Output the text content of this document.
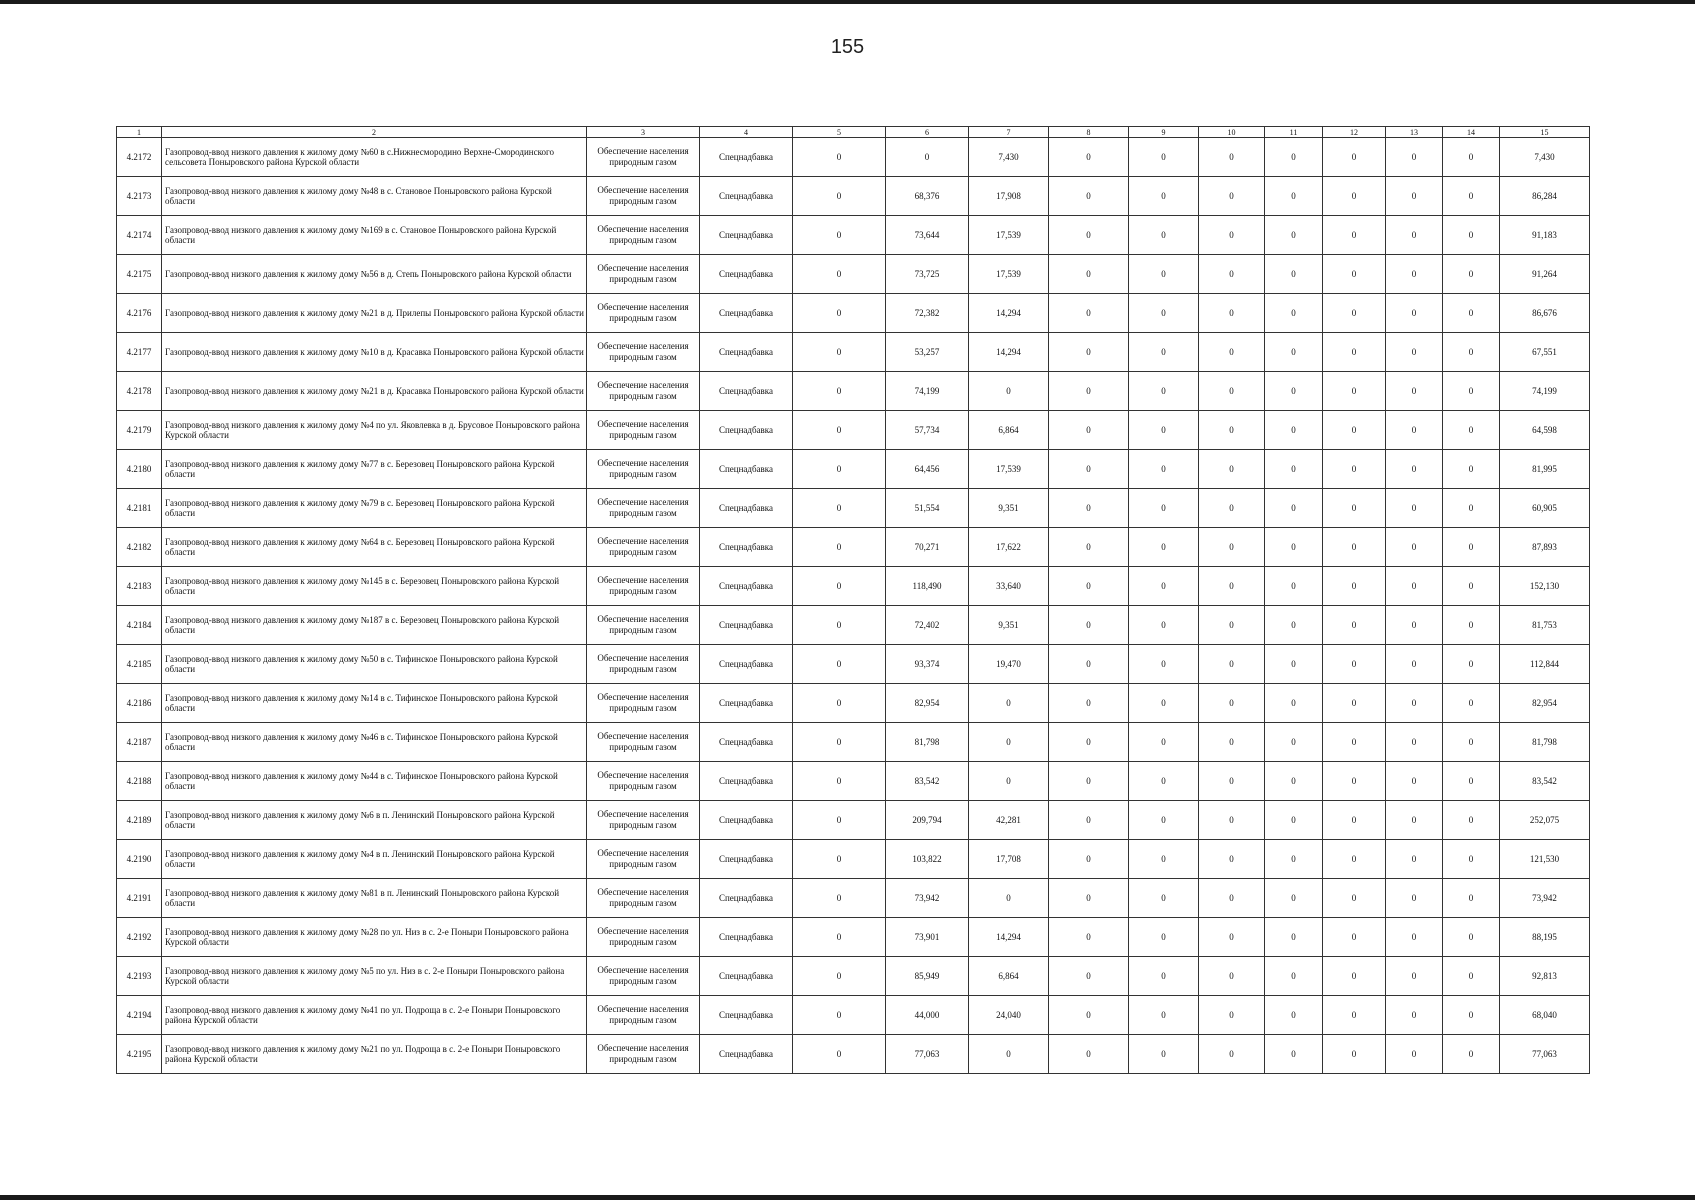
155
1	2	3	4	5	6	7	8	9	10	11	12	13	14	15
4.2172	Газопровод-ввод низкого давления к жилому дому №60 в с.Нижнесмородино Верхне-Смородинского сельсовета Поныровского района Курской области	Обеспечение населения природным газом	Спецнадбавка	0	0	7,430	0	0	0	0	0	0	0	7,430
4.2173	Газопровод-ввод низкого давления к жилому дому №48 в с. Становое Поныровского района Курской области	Обеспечение населения природным газом	Спецнадбавка	0	68,376	17,908	0	0	0	0	0	0	0	86,284
4.2174	Газопровод-ввод низкого давления к жилому дому №169 в с. Становое Поныровского района Курской области	Обеспечение населения природным газом	Спецнадбавка	0	73,644	17,539	0	0	0	0	0	0	0	91,183
4.2175	Газопровод-ввод низкого давления к жилому дому №56 в д. Степь Поныровского района Курской области	Обеспечение населения природным газом	Спецнадбавка	0	73,725	17,539	0	0	0	0	0	0	0	91,264
4.2176	Газопровод-ввод низкого давления к жилому дому №21 в д. Прилепы Поныровского района Курской области	Обеспечение населения природным газом	Спецнадбавка	0	72,382	14,294	0	0	0	0	0	0	0	86,676
4.2177	Газопровод-ввод низкого давления к жилому дому №10 в д. Красавка Поныровского района Курской области	Обеспечение населения природным газом	Спецнадбавка	0	53,257	14,294	0	0	0	0	0	0	0	67,551
4.2178	Газопровод-ввод низкого давления к жилому дому №21 в д. Красавка Поныровского района Курской области	Обеспечение населения природным газом	Спецнадбавка	0	74,199	0	0	0	0	0	0	0	0	74,199
4.2179	Газопровод-ввод низкого давления к жилому дому №4 по ул. Яковлевка в д. Брусовое Поныровского района Курской области	Обеспечение населения природным газом	Спецнадбавка	0	57,734	6,864	0	0	0	0	0	0	0	64,598
4.2180	Газопровод-ввод низкого давления к жилому дому №77 в с. Березовец Поныровского района Курской области	Обеспечение населения природным газом	Спецнадбавка	0	64,456	17,539	0	0	0	0	0	0	0	81,995
4.2181	Газопровод-ввод низкого давления к жилому дому №79 в с. Березовец Поныровского района Курской области	Обеспечение населения природным газом	Спецнадбавка	0	51,554	9,351	0	0	0	0	0	0	0	60,905
4.2182	Газопровод-ввод низкого давления к жилому дому №64 в с. Березовец Поныровского района Курской области	Обеспечение населения природным газом	Спецнадбавка	0	70,271	17,622	0	0	0	0	0	0	0	87,893
4.2183	Газопровод-ввод низкого давления к жилому дому №145 в с. Березовец Поныровского района Курской области	Обеспечение населения природным газом	Спецнадбавка	0	118,490	33,640	0	0	0	0	0	0	0	152,130
4.2184	Газопровод-ввод низкого давления к жилому дому №187 в с. Березовец Поныровского района Курской области	Обеспечение населения природным газом	Спецнадбавка	0	72,402	9,351	0	0	0	0	0	0	0	81,753
4.2185	Газопровод-ввод низкого давления к жилому дому №50 в с. Тифинское Поныровского района Курской области	Обеспечение населения природным газом	Спецнадбавка	0	93,374	19,470	0	0	0	0	0	0	0	112,844
4.2186	Газопровод-ввод низкого давления к жилому дому №14 в с. Тифинское Поныровского района Курской области	Обеспечение населения природным газом	Спецнадбавка	0	82,954	0	0	0	0	0	0	0	0	82,954
4.2187	Газопровод-ввод низкого давления к жилому дому №46 в с. Тифинское Поныровского района Курской области	Обеспечение населения природным газом	Спецнадбавка	0	81,798	0	0	0	0	0	0	0	0	81,798
4.2188	Газопровод-ввод низкого давления к жилому дому №44 в с. Тифинское Поныровского района Курской области	Обеспечение населения природным газом	Спецнадбавка	0	83,542	0	0	0	0	0	0	0	0	83,542
4.2189	Газопровод-ввод низкого давления к жилому дому №6 в п. Ленинский Поныровского района Курской области	Обеспечение населения природным газом	Спецнадбавка	0	209,794	42,281	0	0	0	0	0	0	0	252,075
4.2190	Газопровод-ввод низкого давления к жилому дому №4 в п. Ленинский Поныровского района Курской области	Обеспечение населения природным газом	Спецнадбавка	0	103,822	17,708	0	0	0	0	0	0	0	121,530
4.2191	Газопровод-ввод низкого давления к жилому дому №81 в п. Ленинский Поныровского района Курской области	Обеспечение населения природным газом	Спецнадбавка	0	73,942	0	0	0	0	0	0	0	0	73,942
4.2192	Газопровод-ввод низкого давления к жилому дому №28 по ул. Низ в с. 2-е Поныри Поныровского района Курской области	Обеспечение населения природным газом	Спецнадбавка	0	73,901	14,294	0	0	0	0	0	0	0	88,195
4.2193	Газопровод-ввод низкого давления к жилому дому №5 по ул. Низ в с. 2-е Поныри Поныровского района Курской области	Обеспечение населения природным газом	Спецнадбавка	0	85,949	6,864	0	0	0	0	0	0	0	92,813
4.2194	Газопровод-ввод низкого давления к жилому дому №41 по ул. Подроща в с. 2-е Поныри Поныровского района Курской области	Обеспечение населения природным газом	Спецнадбавка	0	44,000	24,040	0	0	0	0	0	0	0	68,040
4.2195	Газопровод-ввод низкого давления к жилому дому №21 по ул. Подроща в с. 2-е Поныри Поныровского района Курской области	Обеспечение населения природным газом	Спецнадбавка	0	77,063	0	0	0	0	0	0	0	0	77,063
